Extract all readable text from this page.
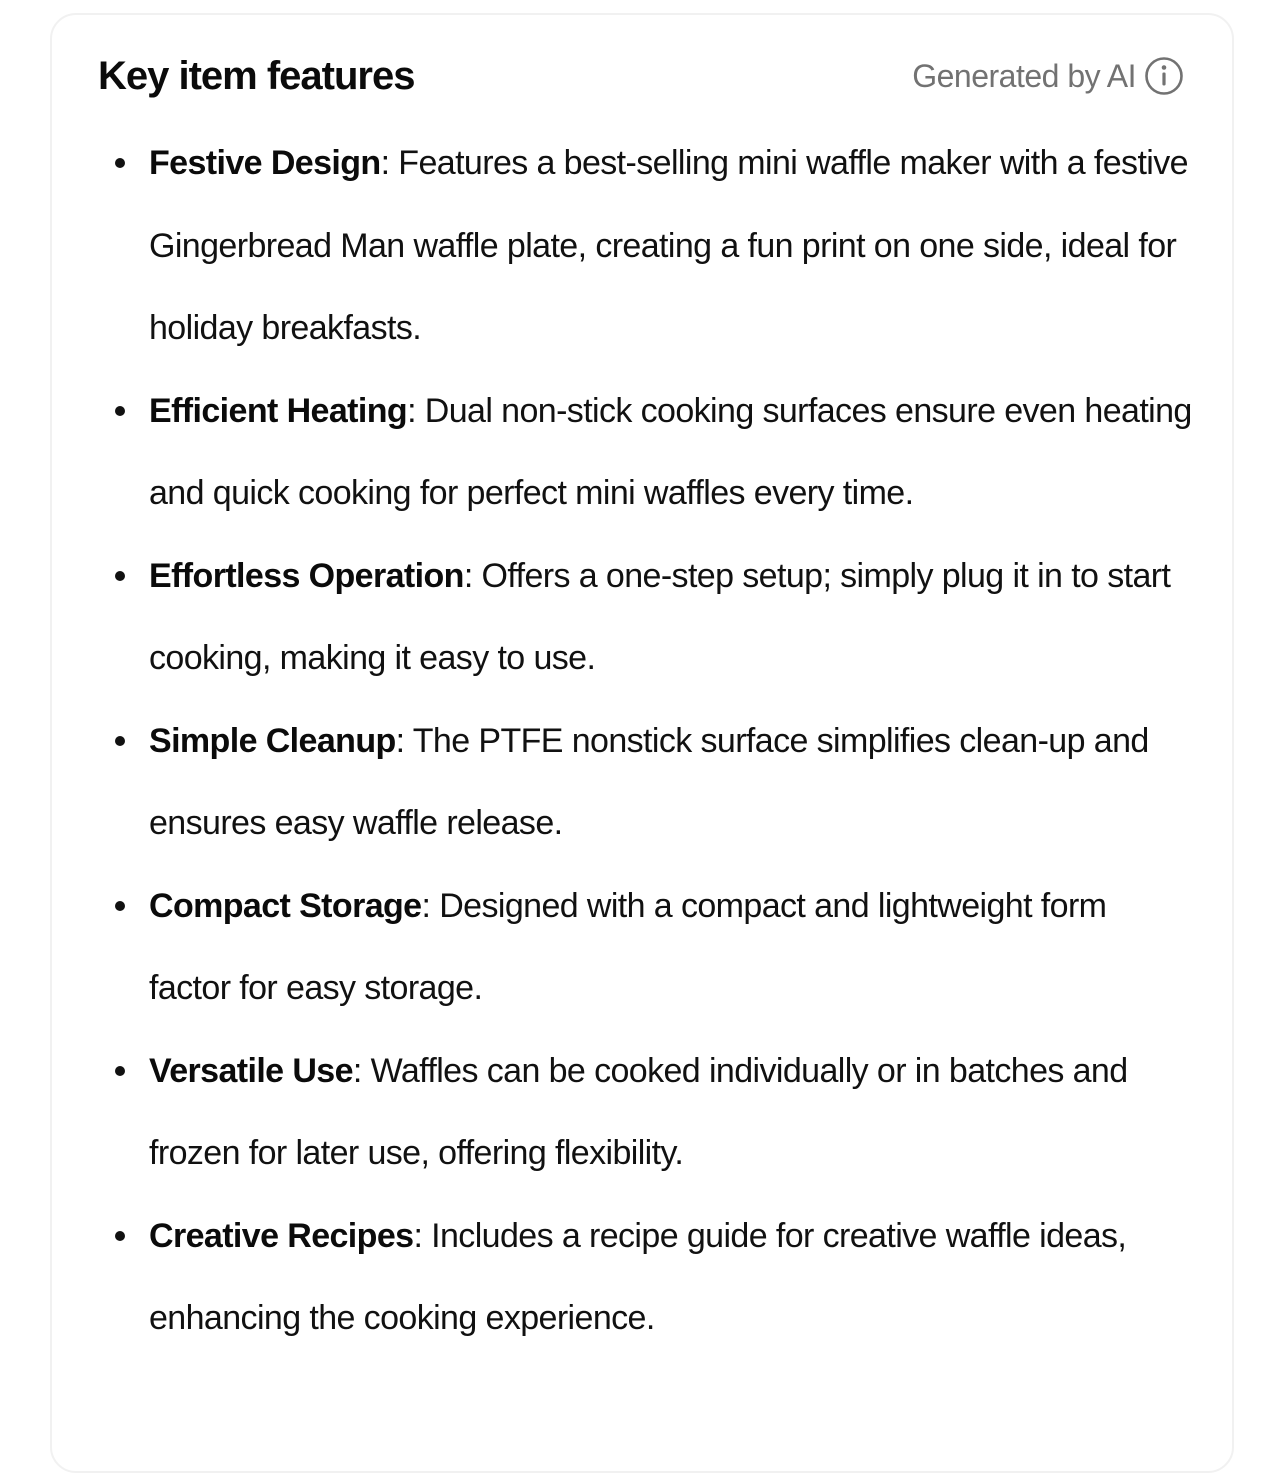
Key item features	Generated by AI
Festive Design: Features a best-selling mini waffle maker with a festive Gingerbread Man waffle plate, creating a fun print on one side, ideal for holiday breakfasts.
Efficient Heating: Dual non-stick cooking surfaces ensure even heating and quick cooking for perfect mini waffles every time.
Effortless Operation: Offers a one-step setup; simply plug it in to start cooking, making it easy to use.
Simple Cleanup: The PTFE nonstick surface simplifies clean-up and ensures easy waffle release.
Compact Storage: Designed with a compact and lightweight form factor for easy storage.
Versatile Use: Waffles can be cooked individually or in batches and frozen for later use, offering flexibility.
Creative Recipes: Includes a recipe guide for creative waffle ideas, enhancing the cooking experience.
